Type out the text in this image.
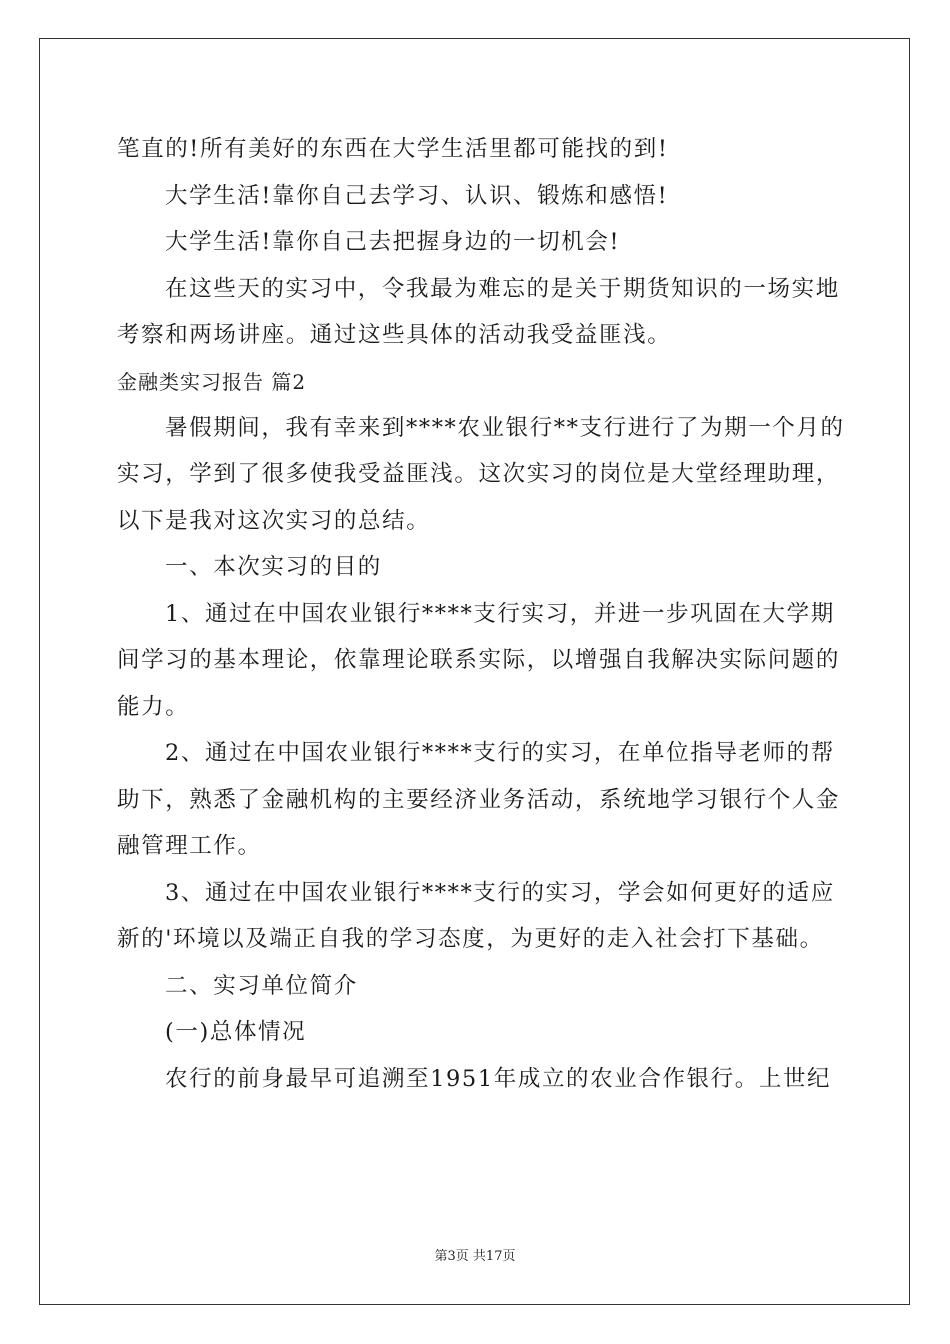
笔直的!所有美好的东西在大学生活里都可能找的到!

大学生活!靠你自己去学习、认识、锻炼和感悟!

大学生活!靠你自己去把握身边的一切机会!

在这些天的实习中，令我最为难忘的是关于期货知识的一场实地

考察和两场讲座。通过这些具体的活动我受益匪浅。

金融类实习报告 篇2

暑假期间，我有幸来到****农业银行**支行进行了为期一个月的

实习，学到了很多使我受益匪浅。这次实习的岗位是大堂经理助理，

以下是我对这次实习的总结。

一、本次实习的目的

1、通过在中国农业银行****支行实习，并进一步巩固在大学期

间学习的基本理论，依靠理论联系实际，以增强自我解决实际问题的

能力。

2、通过在中国农业银行****支行的实习，在单位指导老师的帮

助下，熟悉了金融机构的主要经济业务活动，系统地学习银行个人金

融管理工作。

3、通过在中国农业银行****支行的实习，学会如何更好的适应

新的'环境以及端正自我的学习态度，为更好的走入社会打下基础。

二、实习单位简介

(一)总体情况

农行的前身最早可追溯至1951年成立的农业合作银行。上世纪

第3页 共17页
